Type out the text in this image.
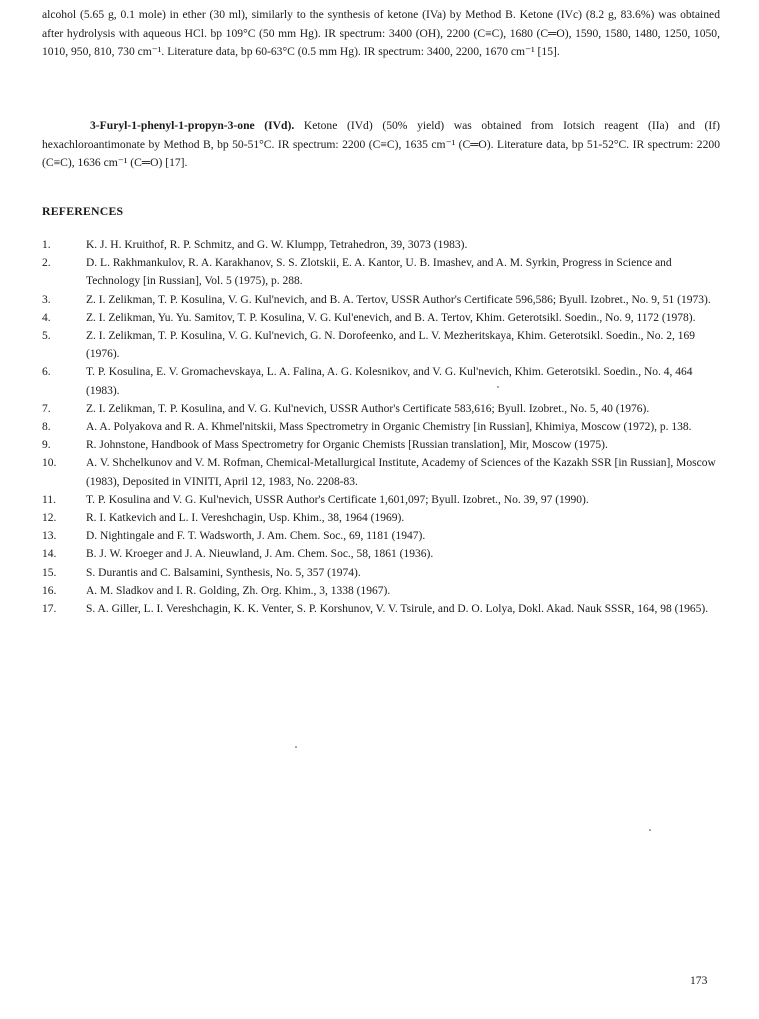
alcohol (5.65 g, 0.1 mole) in ether (30 ml), similarly to the synthesis of ketone (IVa) by Method B. Ketone (IVc) (8.2 g, 83.6%) was obtained after hydrolysis with aqueous HCl. bp 109°C (50 mm Hg). IR spectrum: 3400 (OH), 2200 (C≡C), 1680 (C═O), 1590, 1580, 1480, 1250, 1050, 1010, 950, 810, 730 cm⁻¹. Literature data, bp 60-63°C (0.5 mm Hg). IR spectrum: 3400, 2200, 1670 cm⁻¹ [15].

3-Furyl-1-phenyl-1-propyn-3-one (IVd). Ketone (IVd) (50% yield) was obtained from Iotsich reagent (IIa) and (If) hexachloroantimonate by Method B, bp 50-51°C. IR spectrum: 2200 (C≡C), 1635 cm⁻¹ (C═O). Literature data, bp 51-52°C. IR spectrum: 2200 (C≡C), 1636 cm⁻¹ (C═O) [17].

REFERENCES
1.	K. J. H. Kruithof, R. P. Schmitz, and G. W. Klumpp, Tetrahedron, 39, 3073 (1983).
2.	D. L. Rakhmankulov, R. A. Karakhanov, S. S. Zlotskii, E. A. Kantor, U. B. Imashev, and A. M. Syrkin, Progress in Science and Technology [in Russian], Vol. 5 (1975), p. 288.
3.	Z. I. Zelikman, T. P. Kosulina, V. G. Kul'nevich, and B. A. Tertov, USSR Author's Certificate 596,586; Byull. Izobret., No. 9, 51 (1973).
4.	Z. I. Zelikman, Yu. Yu. Samitov, T. P. Kosulina, V. G. Kul'enevich, and B. A. Tertov, Khim. Geterotsikl. Soedin., No. 9, 1172 (1978).
5.	Z. I. Zelikman, T. P. Kosulina, V. G. Kul'nevich, G. N. Dorofeenko, and L. V. Mezheritskaya, Khim. Geterotsikl. Soedin., No. 2, 169 (1976).
6.	T. P. Kosulina, E. V. Gromachevskaya, L. A. Falina, A. G. Kolesnikov, and V. G. Kul'nevich, Khim. Geterotsikl. Soedin., No. 4, 464 (1983).
7.	Z. I. Zelikman, T. P. Kosulina, and V. G. Kul'nevich, USSR Author's Certificate 583,616; Byull. Izobret., No. 5, 40 (1976).
8.	A. A. Polyakova and R. A. Khmel'nitskii, Mass Spectrometry in Organic Chemistry [in Russian], Khimiya, Moscow (1972), p. 138.
9.	R. Johnstone, Handbook of Mass Spectrometry for Organic Chemists [Russian translation], Mir, Moscow (1975).
10.	A. V. Shchelkunov and V. M. Rofman, Chemical-Metallurgical Institute, Academy of Sciences of the Kazakh SSR [in Russian], Moscow (1983), Deposited in VINITI, April 12, 1983, No. 2208-83.
11.	T. P. Kosulina and V. G. Kul'nevich, USSR Author's Certificate 1,601,097; Byull. Izobret., No. 39, 97 (1990).
12.	R. I. Katkevich and L. I. Vereshchagin, Usp. Khim., 38, 1964 (1969).
13.	D. Nightingale and F. T. Wadsworth, J. Am. Chem. Soc., 69, 1181 (1947).
14.	B. J. W. Kroeger and J. A. Nieuwland, J. Am. Chem. Soc., 58, 1861 (1936).
15.	S. Durantis and C. Balsamini, Synthesis, No. 5, 357 (1974).
16.	A. M. Sladkov and I. R. Golding, Zh. Org. Khim., 3, 1338 (1967).
17.	S. A. Giller, L. I. Vereshchagin, K. K. Venter, S. P. Korshunov, V. V. Tsirule, and D. O. Lolya, Dokl. Akad. Nauk SSSR, 164, 98 (1965).
173
